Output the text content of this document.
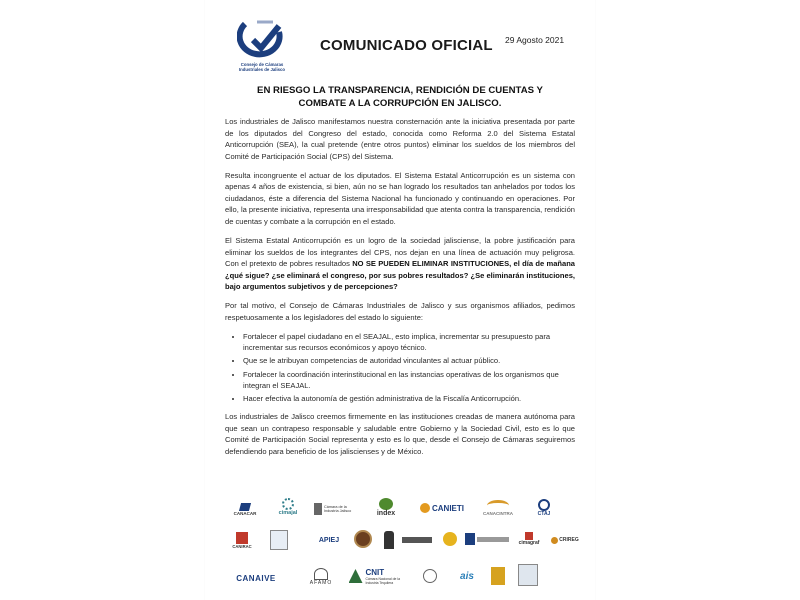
Consejo de Cámaras
Industriales de Jalisco
COMUNICADO OFICIAL 29 Agosto 2021
EN RIESGO LA TRANSPARENCIA, RENDICIÓN DE CUENTAS Y
COMBATE A LA CORRUPCIÓN EN JALISCO.

Los industriales de Jalisco manifestamos nuestra consternación ante la iniciativa presentada por parte de los diputados del Congreso del estado, conocida como Reforma 2.0 del Sistema Estatal Anticorrupción (SEA), la cual pretende (entre otros puntos) eliminar los sueldos de los miembros del Comité de Participación Social (CPS) del Sistema.

Resulta incongruente el actuar de los diputados. El Sistema Estatal Anticorrupción es un sistema con apenas 4 años de existencia, si bien, aún no se han logrado los resultados tan anhelados por todos los ciudadanos, éste a diferencia del Sistema Nacional ha funcionado y continuando en operaciones. Por ello, la presente iniciativa, representa una irresponsabilidad que atenta contra la transparencia, rendición de cuentas y combate a la corrupción en el estado.

El Sistema Estatal Anticorrupción es un logro de la sociedad jalisciense, la pobre justificación para eliminar los sueldos de los integrantes del CPS, nos dejan en una línea de actuación muy peligrosa. Con el pretexto de pobres resultados NO SE PUEDEN ELIMINAR INSTITUCIONES, el día de mañana ¿qué sigue? ¿se eliminará el congreso, por sus pobres resultados? ¿Se eliminarán instituciones, bajo argumentos subjetivos y de percepciones?

Por tal motivo, el Consejo de Cámaras Industriales de Jalisco y sus organismos afiliados, pedimos respetuosamente a los legisladores del estado lo siguiente:

• Fortalecer el papel ciudadano en el SEAJAL, esto implica, incrementar su presupuesto para incrementar sus recursos económicos y apoyo técnico.
• Que se le atribuyan competencias de autoridad vinculantes al actuar público.
• Fortalecer la coordinación interinstitucional en las instancias operativas de los organismos que integran el SEAJAL.
• Hacer efectiva la autonomía de gestión administrativa de la Fiscalía Anticorrupción.

Los industriales de Jalisco creemos firmemente en las instituciones creadas de manera autónoma para que sean un contrapeso responsable y saludable entre Gobierno y la Sociedad Civil, esto es lo que Comité de Participación Social representa y esto es lo que, desde el Consejo de Cámaras seguiremos defendiendo para beneficio de los jaliscienses y de México.

CANACAR	cimajal
Cámara de la Industria Jalisco	index
CANIETI
CANACINTRA	CTAJ
CANIRAC
APIEJ	cimagraf	CRIREG
CANAIVE
AFAMO
CNIT
Cámara Nacional de la Industria Tequilera
ais
